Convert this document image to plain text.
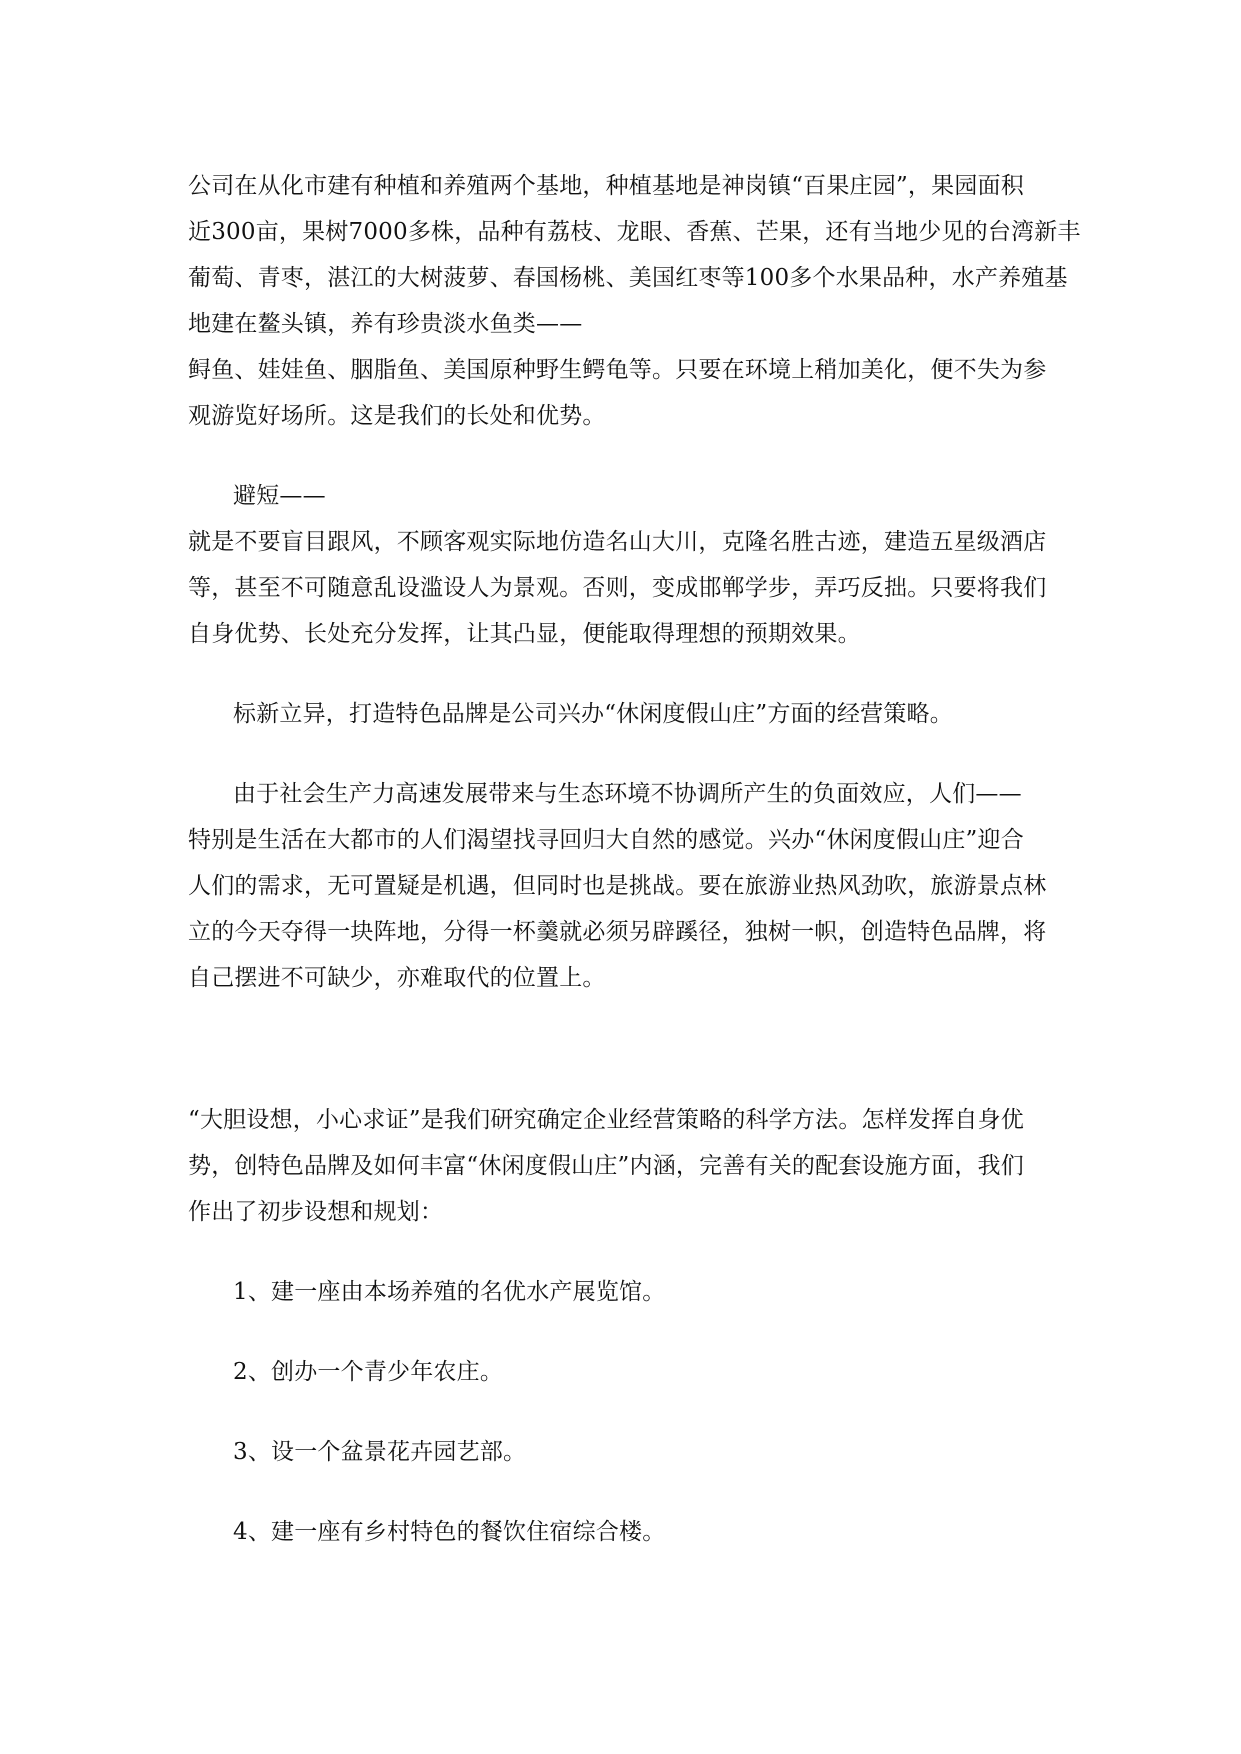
公司在从化市建有种植和养殖两个基地，种植基地是神岗镇“百果庄园”，果园面积
近300亩，果树7000多株，品种有荔枝、龙眼、香蕉、芒果，还有当地少见的台湾新丰
葡萄、青枣，湛江的大树菠萝、春国杨桃、美国红枣等100多个水果品种，水产养殖基
地建在鳌头镇，养有珍贵淡水鱼类——
鲟鱼、娃娃鱼、胭脂鱼、美国原种野生鳄龟等。只要在环境上稍加美化，便不失为参
观游览好场所。这是我们的长处和优势。
避短——
就是不要盲目跟风，不顾客观实际地仿造名山大川，克隆名胜古迹，建造五星级酒店
等，甚至不可随意乱设滥设人为景观。否则，变成邯郸学步，弄巧反拙。只要将我们
自身优势、长处充分发挥，让其凸显，便能取得理想的预期效果。
标新立异，打造特色品牌是公司兴办“休闲度假山庄”方面的经营策略。
由于社会生产力高速发展带来与生态环境不协调所产生的负面效应，人们——
特别是生活在大都市的人们渴望找寻回归大自然的感觉。兴办“休闲度假山庄”迎合
人们的需求，无可置疑是机遇，但同时也是挑战。要在旅游业热风劲吹，旅游景点林
立的今天夺得一块阵地，分得一杯羹就必须另辟蹊径，独树一帜，创造特色品牌，将
自己摆进不可缺少，亦难取代的位置上。
“大胆设想，小心求证”是我们研究确定企业经营策略的科学方法。怎样发挥自身优
势，创特色品牌及如何丰富“休闲度假山庄”内涵，完善有关的配套设施方面，我们
作出了初步设想和规划：
1、建一座由本场养殖的名优水产展览馆。
2、创办一个青少年农庄。
3、设一个盆景花卉园艺部。
4、建一座有乡村特色的餐饮住宿综合楼。
